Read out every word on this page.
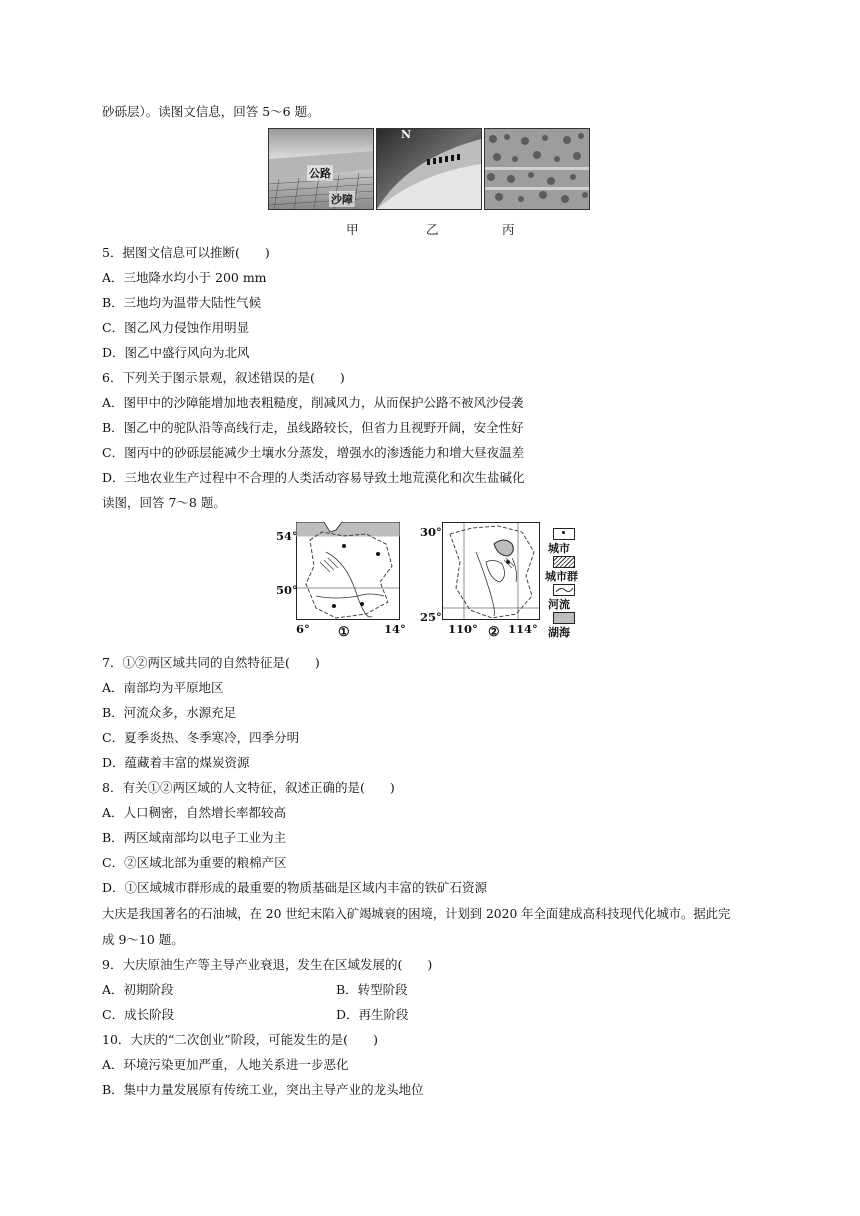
砂砾层）。读图文信息，回答 5～6 题。
公路
沙障
N
甲	乙	丙
5．据图文信息可以推断(　　)
A．三地降水均小于 200 mm
B．三地均为温带大陆性气候
C．图乙风力侵蚀作用明显
D．图乙中盛行风向为北风
6．下列关于图示景观，叙述错误的是(　　)
A．图甲中的沙障能增加地表粗糙度，削减风力，从而保护公路不被风沙侵袭
B．图乙中的驼队沿等高线行走，虽线路较长，但省力且视野开阔，安全性好
C．图丙中的砂砾层能减少土壤水分蒸发，增强水的渗透能力和增大昼夜温差
D．三地农业生产过程中不合理的人类活动容易导致土地荒漠化和次生盐碱化
读图，回答 7～8 题。
54°
50°
6°	14°
①
30°
25°
110°	114°
②
城市
城市群
河流
湖海
7．①②两区域共同的自然特征是(　　)
A．南部均为平原地区
B．河流众多，水源充足
C．夏季炎热、冬季寒冷，四季分明
D．蕴藏着丰富的煤炭资源
8．有关①②两区域的人文特征，叙述正确的是(　　)
A．人口稠密，自然增长率都较高
B．两区域南部均以电子工业为主
C．②区域北部为重要的粮棉产区
D．①区域城市群形成的最重要的物质基础是区域内丰富的铁矿石资源
大庆是我国著名的石油城，在 20 世纪末陷入矿竭城衰的困境，计划到 2020 年全面建成高科技现代化城市。据此完
成 9～10 题。
9．大庆原油生产等主导产业衰退，发生在区域发展的(　　)
A．初期阶段	B．转型阶段
C．成长阶段	D．再生阶段
10．大庆的“二次创业”阶段，可能发生的是(　　)
A．环境污染更加严重，人地关系进一步恶化
B．集中力量发展原有传统工业，突出主导产业的龙头地位
